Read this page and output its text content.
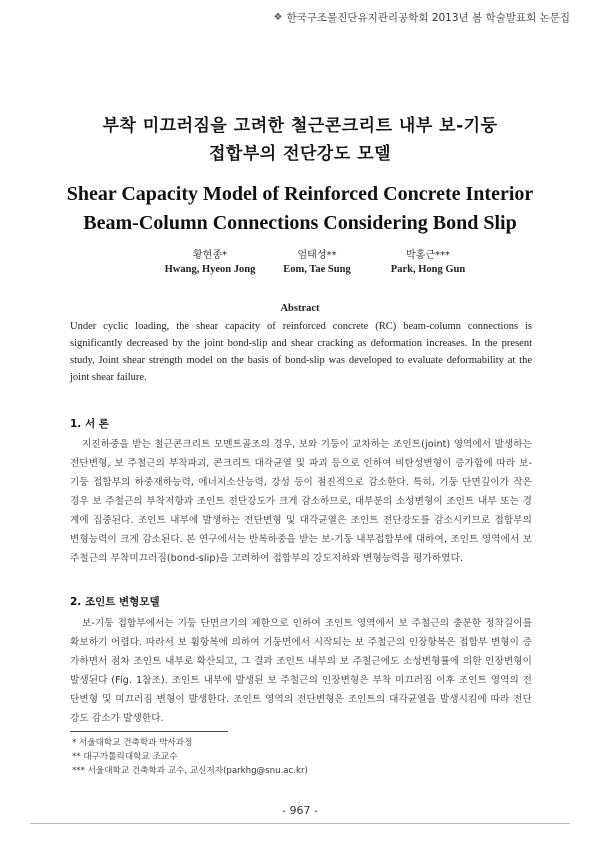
❖ 한국구조물진단유지관리공학회 2013년 봄 학술발표회 논문집
부착 미끄러짐을 고려한 철근콘크리트 내부 보-기둥
접합부의 전단강도 모델
Shear Capacity Model of Reinforced Concrete Interior
Beam-Column Connections Considering Bond Slip
황현종*
Hwang, Hyeon Jong
엄태성**
Eom, Tae Sung
박홍근***
Park, Hong Gun
Abstract
Under cyclic loading, the shear capacity of reinforced concrete (RC) beam-column connections is significantly decreased by the joint bond-slip and shear cracking as deformation increases. In the present study, Joint shear strength model on the basis of bond-slip was developed to evaluate deformability at the joint shear failure.
1. 서 론
지진하중을 받는 철근콘크리트 모멘트골조의 경우, 보와 기둥이 교차하는 조인트(joint) 영역에서 발생하는 전단변형, 보 주철근의 부착파괴, 콘크리트 대각균열 및 파괴 등으로 인하여 비탄성변형이 증가함에 따라 보-기둥 접합부의 하중재하능력, 에너지소산능력, 강성 등이 점진적으로 감소한다. 특히, 기둥 단면깊이가 작은 경우 보 주철근의 부착저항과 조인트 전단강도가 크게 감소하므로, 대부분의 소성변형이 조인트 내부 또는 경계에 집중된다. 조인트 내부에 발생하는 전단변형 및 대각균열은 조인트 전단강도를 감소시키므로 접합부의 변형능력이 크게 감소된다. 본 연구에서는 반복하중을 받는 보-기둥 내부접합부에 대하여, 조인트 영역에서 보 주철근의 부착미끄러짐(bond-slip)을 고려하여 접합부의 강도저하와 변형능력을 평가하였다.
2. 조인트 변형모델
보-기둥 접합부에서는 기둥 단면크기의 제한으로 인하여 조인트 영역에서 보 주철근의 충분한 정착길이를 확보하기 어렵다. 따라서 보 휨항복에 의하여 기둥면에서 시작되는 보 주철근의 인장항복은 접합부 변형이 증가하면서 점차 조인트 내부로 확산되고, 그 결과 조인트 내부의 보 주철근에도 소성변형률에 의한 인장변형이 발생된다 (Fig. 1참조). 조인트 내부에 발생된 보 주철근의 인장변형은 부착 미끄러짐 이후 조인트 영역의 전단변형 및 미끄러짐 변형이 발생한다. 조인트 영역의 전단변형은 조인트의 대각균열을 발생시킴에 따라 전단강도 감소가 발생한다.
* 서울대학교 건축학과 박사과정
** 대구가톨릭대학교 조교수
*** 서울대학교 건축학과 교수, 교신저자(parkhg@snu.ac.kr)
- 967 -
